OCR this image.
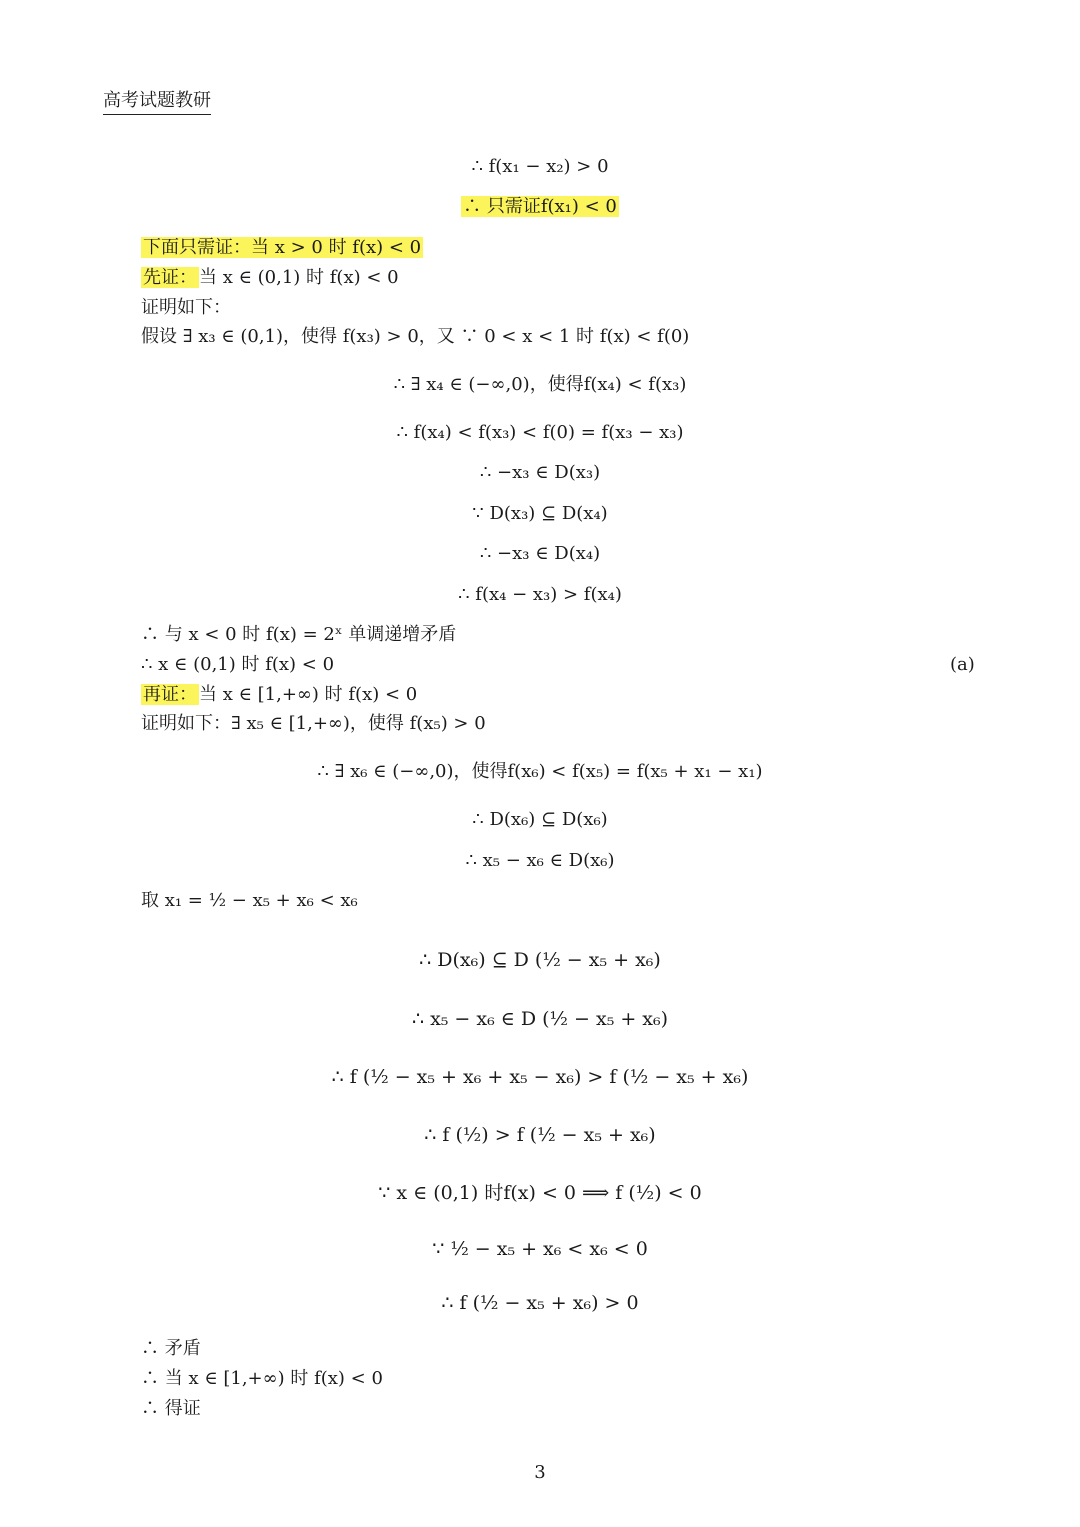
高考试题教研
∴ f(x₁ − x₂) > 0
∴ 只需证f(x₁) < 0
下面只需证：当 x > 0 时 f(x) < 0
先证： 当 x ∈ (0,1) 时 f(x) < 0
证明如下：
假设 ∃ x₃ ∈ (0,1)，使得 f(x₃) > 0，又 ∵ 0 < x < 1 时 f(x) < f(0)
∴ ∃ x₄ ∈ (−∞,0)，使得f(x₄) < f(x₃)
∴ f(x₄) < f(x₃) < f(0) = f(x₃ − x₃)
∴ −x₃ ∈ D(x₃)
∵ D(x₃) ⊆ D(x₄)
∴ −x₃ ∈ D(x₄)
∴ f(x₄ − x₃) > f(x₄)
∴ 与 x < 0 时 f(x) = 2ˣ 单调递增矛盾
∴ x ∈ (0,1) 时 f(x) < 0	(a)
再证： 当 x ∈ [1,+∞) 时 f(x) < 0
证明如下：∃ x₅ ∈ [1,+∞)，使得 f(x₅) > 0
∴ ∃ x₆ ∈ (−∞,0)，使得f(x₆) < f(x₅) = f(x₅ + x₁ − x₁)
∴ D(x₆) ⊆ D(x₆)
∴ x₅ − x₆ ∈ D(x₆)
取 x₁ = ½ − x₅ + x₆ < x₆
∴ D(x₆) ⊆ D (½ − x₅ + x₆)
∴ x₅ − x₆ ∈ D (½ − x₅ + x₆)
∴ f (½ − x₅ + x₆ + x₅ − x₆) > f (½ − x₅ + x₆)
∴ f (½) > f (½ − x₅ + x₆)
∵ x ∈ (0,1) 时f(x) < 0 ⟹ f (½) < 0
∵ ½ − x₅ + x₆ < x₆ < 0
∴ f (½ − x₅ + x₆) > 0
∴ 矛盾
∴ 当 x ∈ [1,+∞) 时 f(x) < 0
∴ 得证
3
